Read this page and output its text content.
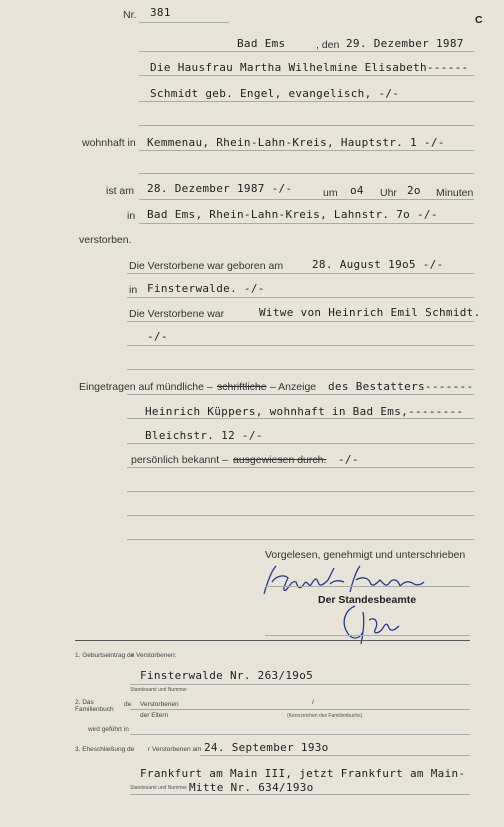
Nr. 381
C
Bad Ems	, den 29. Dezember 1987
Die Hausfrau Martha Wilhelmine Elisabeth------
Schmidt geb. Engel, evangelisch, -/-
wohnhaft in Kemmenau, Rhein-Lahn-Kreis, Hauptstr. 1 -/-
ist am 28. Dezember 1987 -/-	um o4 Uhr 2o Minuten
in Bad Ems, Rhein-Lahn-Kreis, Lahnstr. 7o -/-
verstorben.
Die Verstorbene war geboren am	28. August 19o5 -/-
in Finsterwalde. -/-
Die Verstorbene war	Witwe von Heinrich Emil Schmidt.
-/-
Eingetragen auf mündliche – schriftliche – Anzeige des Bestatters-------
Heinrich Küppers, wohnhaft in Bad Ems,--------
Bleichstr. 12 -/-
persönlich bekannt – ausgewiesen durch. -/-
Vorgelesen, genehmigt und unterschrieben
Der Standesbeamte
1. Geburtseintrag de
r Verstorbenen:
Finsterwalde Nr. 263/19o5
Standesamt und Nummer
2. Das
Familienbuch
de Verstorbenen	/
der Eltern	(Kennzeichen des Familienbuchs)
wird geführt in
3. Eheschließung de r Verstorbenen am 24. September 193o
Frankfurt am Main III, jetzt Frankfurt am Main-
Standesamt und Nummer Mitte Nr. 634/193o
